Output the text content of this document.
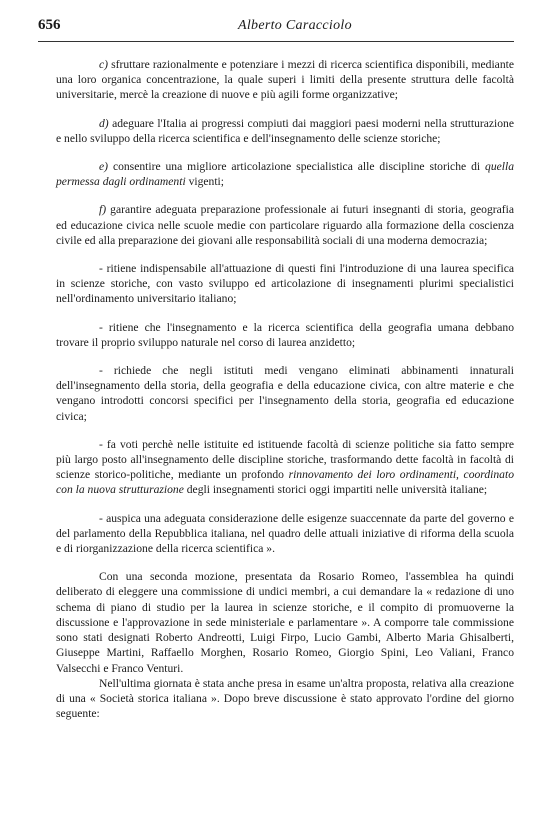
656	Alberto Caracciolo

c) sfruttare razionalmente e potenziare i mezzi di ricerca scientifica disponibili, mediante una loro organica concentrazione, la quale superi i limiti della presente struttura delle facoltà universitarie, mercè la creazione di nuove e più agili forme organizzative;

d) adeguare l'Italia ai progressi compiuti dai maggiori paesi moderni nella strutturazione e nello sviluppo della ricerca scientifica e dell'insegnamento delle scienze storiche;

e) consentire una migliore articolazione specialistica alle discipline storiche di quella permessa dagli ordinamenti vigenti;

f) garantire adeguata preparazione professionale ai futuri insegnanti di storia, geografia ed educazione civica nelle scuole medie con particolare riguardo alla formazione della coscienza civile ed alla preparazione dei giovani alle responsabilità sociali di una moderna democrazia;

- ritiene indispensabile all'attuazione di questi fini l'introduzione di una laurea specifica in scienze storiche, con vasto sviluppo ed articolazione di insegnamenti plurimi specialistici nell'ordinamento universitario italiano;

- ritiene che l'insegnamento e la ricerca scientifica della geografia umana debbano trovare il proprio sviluppo naturale nel corso di laurea anzidetto;

- richiede che negli istituti medi vengano eliminati abbinamenti innaturali dell'insegnamento della storia, della geografia e della educazione civica, con altre materie e che vengano introdotti concorsi specifici per l'insegnamento della storia, geografia ed educazione civica;

- fa voti perchè nelle istituite ed istituende facoltà di scienze politiche sia fatto sempre più largo posto all'insegnamento delle discipline storiche, trasformando dette facoltà in facoltà di scienze storico-politiche, mediante un profondo rinnovamento dei loro ordinamenti, coordinato con la nuova strutturazione degli insegnamenti storici oggi impartiti nelle università italiane;

- auspica una adeguata considerazione delle esigenze suaccennate da parte del governo e del parlamento della Repubblica italiana, nel quadro delle attuali iniziative di riforma della scuola e di riorganizzazione della ricerca scientifica ».

Con una seconda mozione, presentata da Rosario Romeo, l'assemblea ha quindi deliberato di eleggere una commissione di undici membri, a cui demandare la « redazione di uno schema di piano di studio per la laurea in scienze storiche, e il compito di promuoverne la discussione e l'approvazione in sede ministeriale e parlamentare ». A comporre tale commissione sono stati designati Roberto Andreotti, Luigi Firpo, Lucio Gambi, Alberto Maria Ghisalberti, Giuseppe Martini, Raffaello Morghen, Rosario Romeo, Giorgio Spini, Leo Valiani, Franco Valsecchi e Franco Venturi.

Nell'ultima giornata è stata anche presa in esame un'altra proposta, relativa alla creazione di una « Società storica italiana ». Dopo breve discussione è stato approvato l'ordine del giorno seguente:
